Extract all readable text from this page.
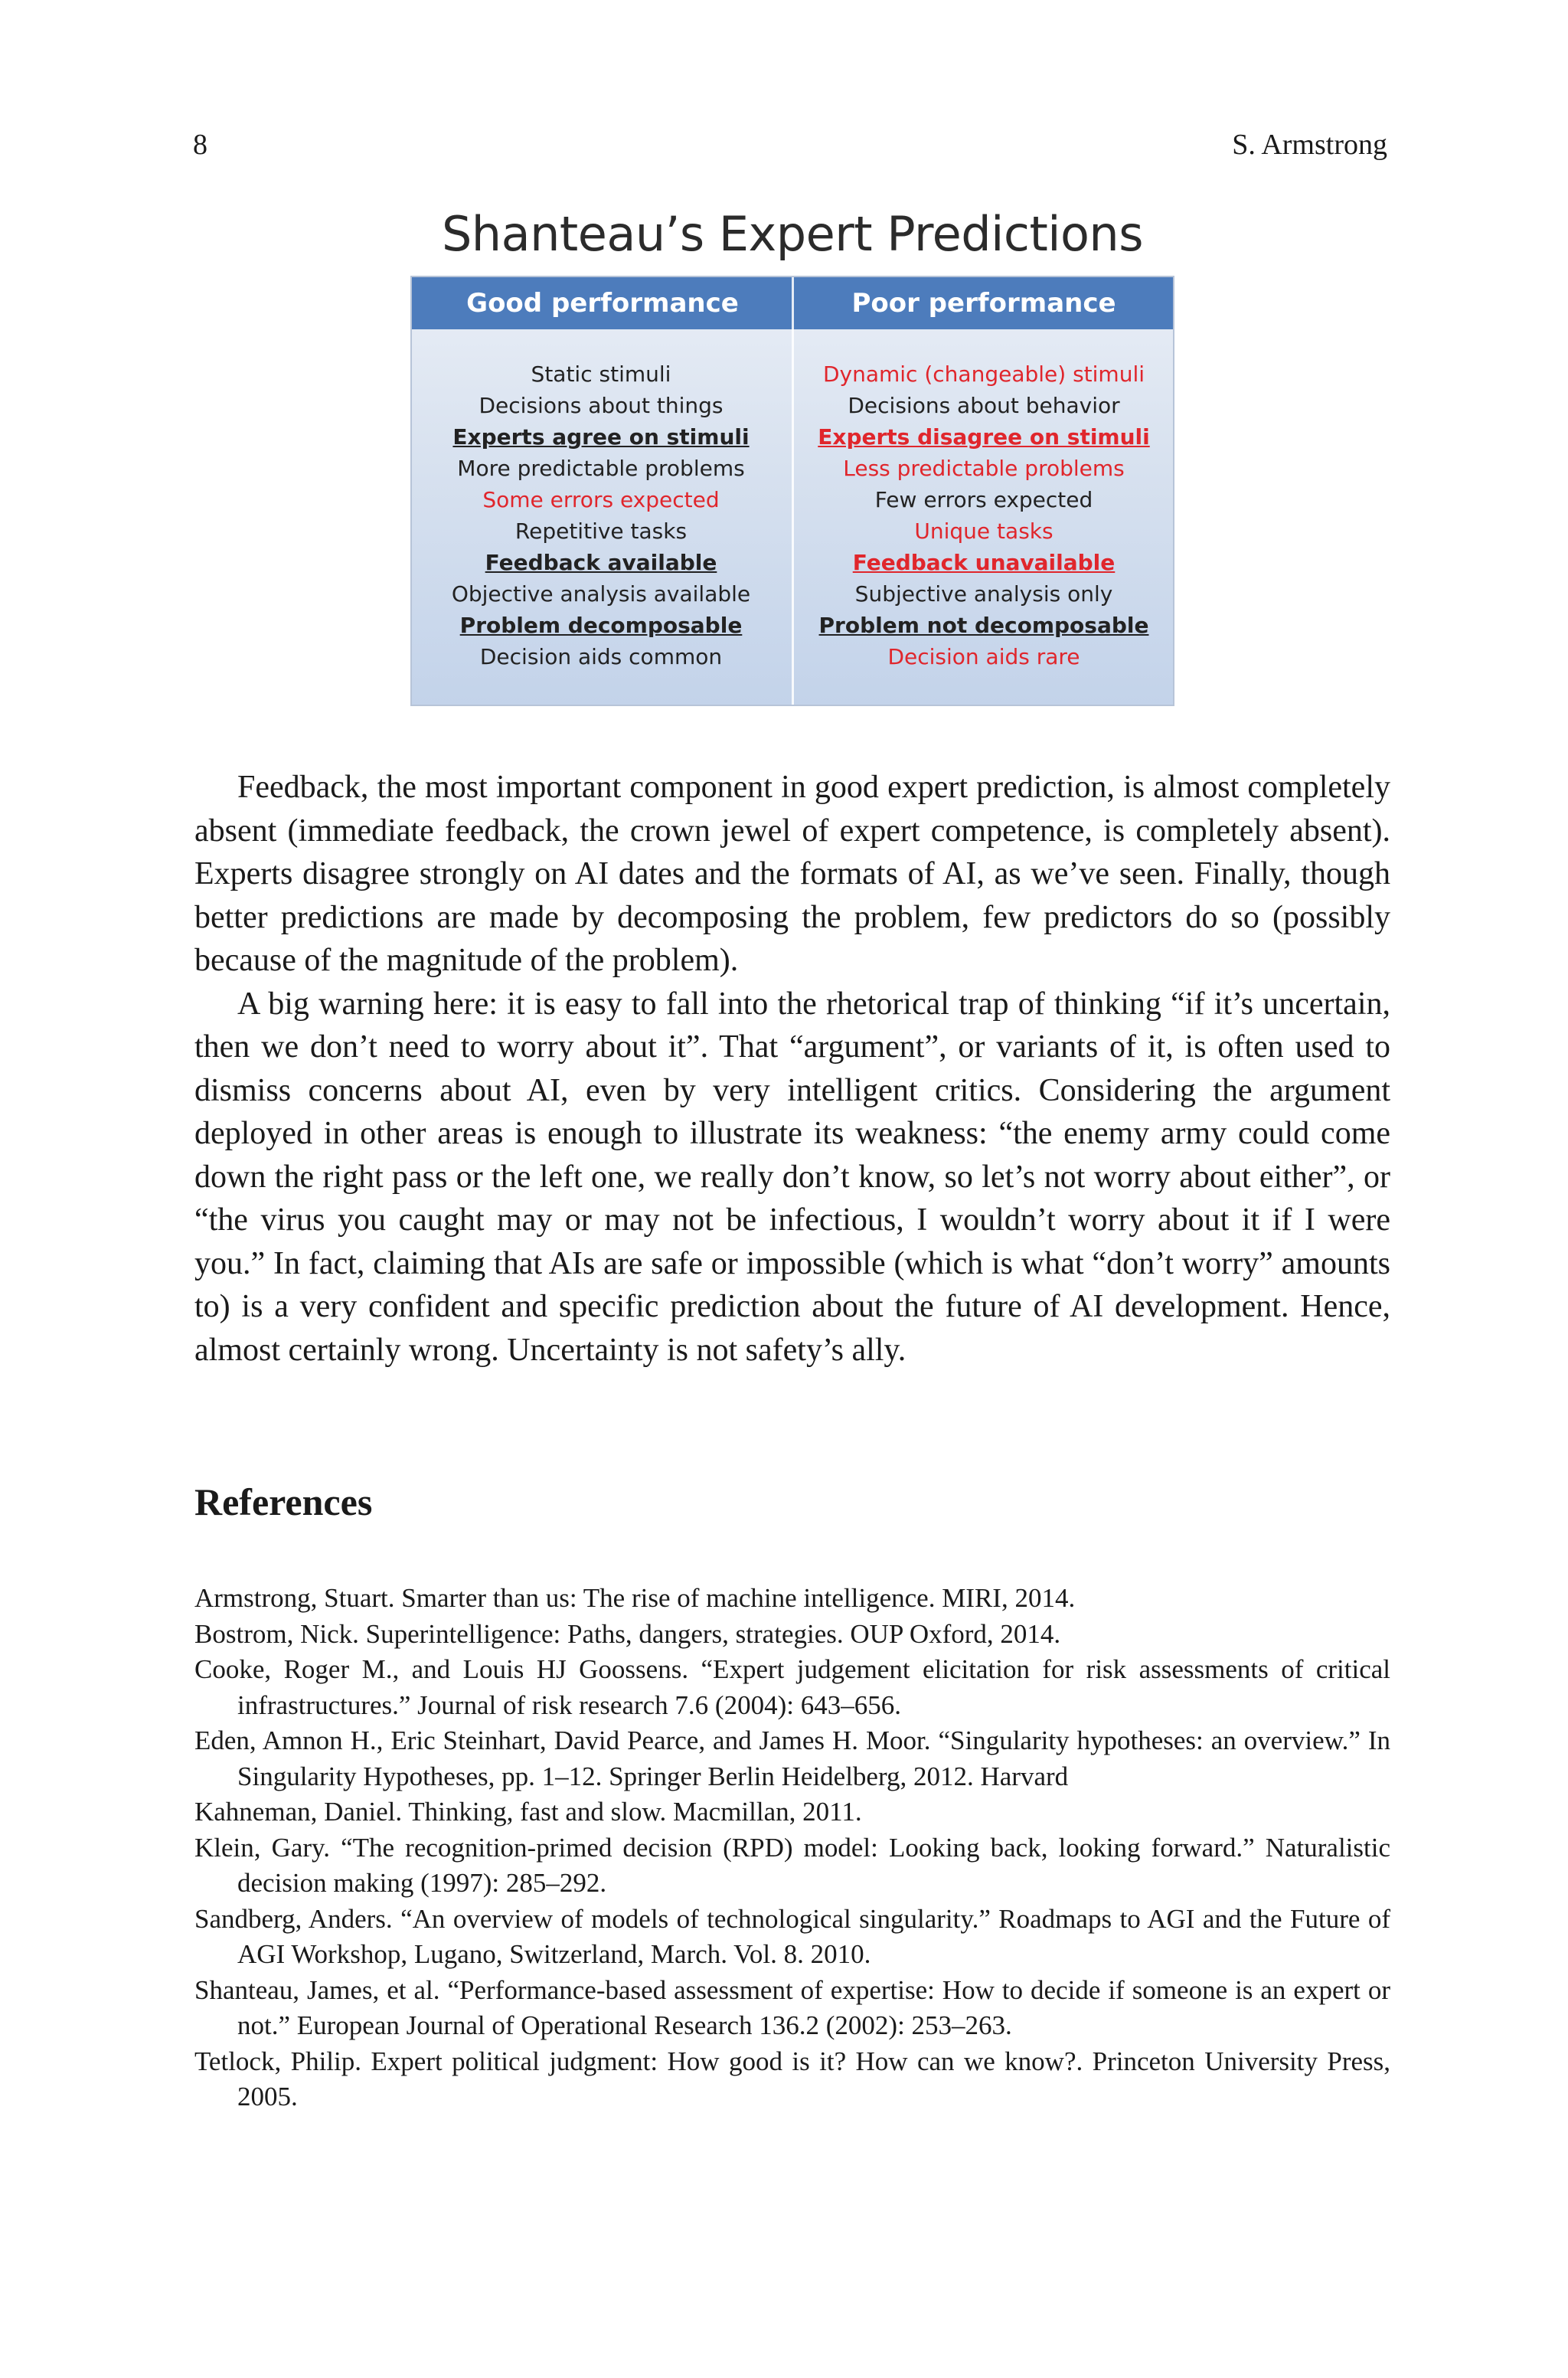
8	S. Armstrong
Shanteau’s Expert Predictions
Good performance	Poor performance
Static stimuli
Decisions about things
Experts agree on stimuli
More predictable problems
Some errors expected
Repetitive tasks
Feedback available
Objective analysis available
Problem decomposable
Decision aids common
Dynamic (changeable) stimuli
Decisions about behavior
Experts disagree on stimuli
Less predictable problems
Few errors expected
Unique tasks
Feedback unavailable
Subjective analysis only
Problem not decomposable
Decision aids rare

Feedback, the most important component in good expert prediction, is almost completely absent (immediate feedback, the crown jewel of expert competence, is completely absent). Experts disagree strongly on AI dates and the formats of AI, as we’ve seen. Finally, though better predictions are made by decomposing the problem, few predictors do so (possibly because of the magnitude of the problem).

A big warning here: it is easy to fall into the rhetorical trap of thinking “if it’s uncertain, then we don’t need to worry about it”. That “argument”, or variants of it, is often used to dismiss concerns about AI, even by very intelligent critics. Considering the argument deployed in other areas is enough to illustrate its weakness: “the enemy army could come down the right pass or the left one, we really don’t know, so let’s not worry about either”, or “the virus you caught may or may not be infectious, I wouldn’t worry about it if I were you.” In fact, claiming that AIs are safe or impossible (which is what “don’t worry” amounts to) is a very confident and specific prediction about the future of AI development. Hence, almost certainly wrong. Uncertainty is not safety’s ally.

References
Armstrong, Stuart. Smarter than us: The rise of machine intelligence. MIRI, 2014.
Bostrom, Nick. Superintelligence: Paths, dangers, strategies. OUP Oxford, 2014.
Cooke, Roger M., and Louis HJ Goossens. “Expert judgement elicitation for risk assessments of critical infrastructures.” Journal of risk research 7.6 (2004): 643–656.
Eden, Amnon H., Eric Steinhart, David Pearce, and James H. Moor. “Singularity hypotheses: an overview.” In Singularity Hypotheses, pp. 1–12. Springer Berlin Heidelberg, 2012. Harvard
Kahneman, Daniel. Thinking, fast and slow. Macmillan, 2011.
Klein, Gary. “The recognition-primed decision (RPD) model: Looking back, looking forward.” Naturalistic decision making (1997): 285–292.
Sandberg, Anders. “An overview of models of technological singularity.” Roadmaps to AGI and the Future of AGI Workshop, Lugano, Switzerland, March. Vol. 8. 2010.
Shanteau, James, et al. “Performance-based assessment of expertise: How to decide if someone is an expert or not.” European Journal of Operational Research 136.2 (2002): 253–263.
Tetlock, Philip. Expert political judgment: How good is it? How can we know?. Princeton University Press, 2005.
